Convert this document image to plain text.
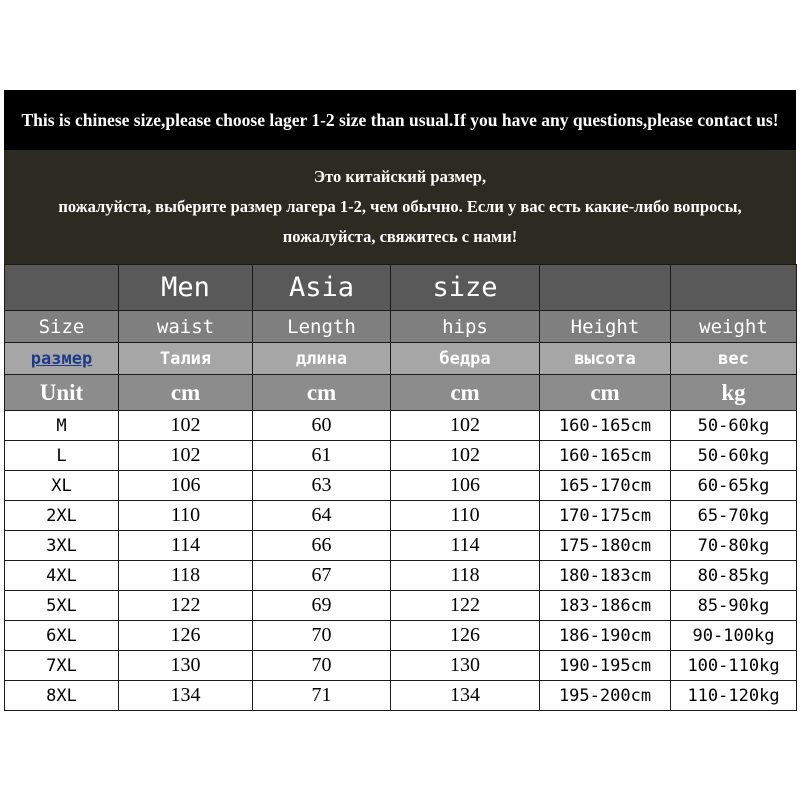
This is chinese size,please choose lager 1-2 size than usual.If you have any questions,please contact us!
Это китайский размер,
пожалуйста, выберите размер лагера 1-2, чем обычно. Если у вас есть какие-либо вопросы,
пожалуйста, свяжитесь с нами!
	Men	Asia	size		
Size	waist	Length	hips	Height	weight
размер	Талия	длина	бедра	высота	вес
Unit	cm	cm	cm	cm	kg
M	102	60	102	160-165cm	50-60kg
L	102	61	102	160-165cm	50-60kg
XL	106	63	106	165-170cm	60-65kg
2XL	110	64	110	170-175cm	65-70kg
3XL	114	66	114	175-180cm	70-80kg
4XL	118	67	118	180-183cm	80-85kg
5XL	122	69	122	183-186cm	85-90kg
6XL	126	70	126	186-190cm	90-100kg
7XL	130	70	130	190-195cm	100-110kg
8XL	134	71	134	195-200cm	110-120kg
